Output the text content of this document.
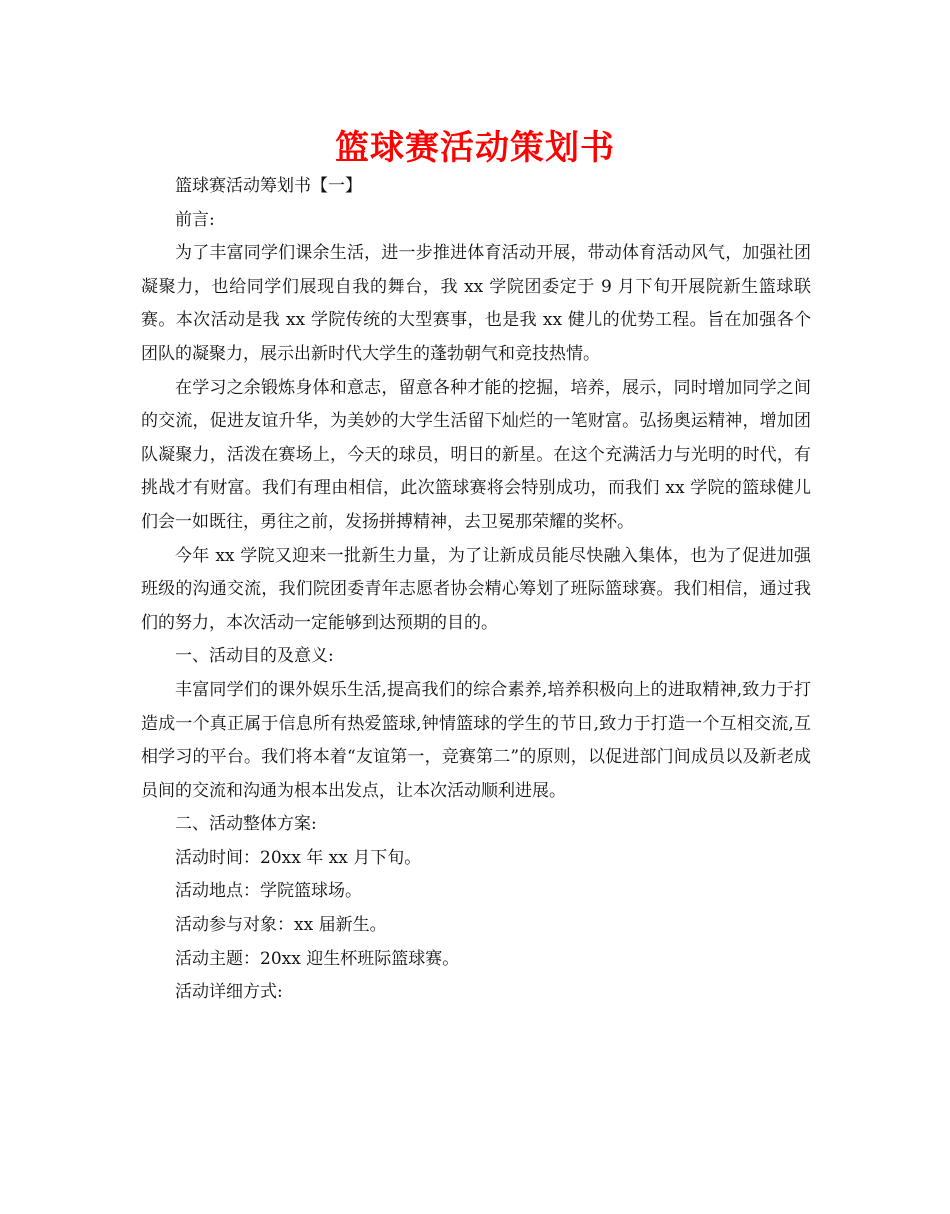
篮球赛活动策划书

篮球赛活动筹划书【一】

前言:

为了丰富同学们课余生活，进一步推进体育活动开展，带动体育活动风气，加强社团凝聚力，也给同学们展现自我的舞台，我 xx 学院团委定于 9 月下旬开展院新生篮球联赛。本次活动是我 xx 学院传统的大型赛事，也是我 xx 健儿的优势工程。旨在加强各个团队的凝聚力，展示出新时代大学生的蓬勃朝气和竞技热情。

在学习之余锻炼身体和意志，留意各种才能的挖掘，培养，展示，同时增加同学之间的交流，促进友谊升华，为美妙的大学生活留下灿烂的一笔财富。弘扬奥运精神，增加团队凝聚力，活泼在赛场上，今天的球员，明日的新星。在这个充满活力与光明的时代，有挑战才有财富。我们有理由相信，此次篮球赛将会特别成功，而我们 xx 学院的篮球健儿们会一如既往，勇往之前，发扬拼搏精神，去卫冕那荣耀的奖杯。

今年 xx 学院又迎来一批新生力量，为了让新成员能尽快融入集体，也为了促进加强班级的沟通交流，我们院团委青年志愿者协会精心筹划了班际篮球赛。我们相信，通过我们的努力，本次活动一定能够到达预期的目的。

一、活动目的及意义:

丰富同学们的课外娱乐生活,提高我们的综合素养,培养积极向上的进取精神,致力于打造成一个真正属于信息所有热爱篮球,钟情篮球的学生的节日,致力于打造一个互相交流,互相学习的平台。我们将本着“友谊第一，竞赛第二”的原则，以促进部门间成员以及新老成员间的交流和沟通为根本出发点，让本次活动顺利进展。

二、活动整体方案:

活动时间：20xx 年 xx 月下旬。

活动地点：学院篮球场。

活动参与对象：xx 届新生。

活动主题：20xx 迎生杯班际篮球赛。

活动详细方式:
